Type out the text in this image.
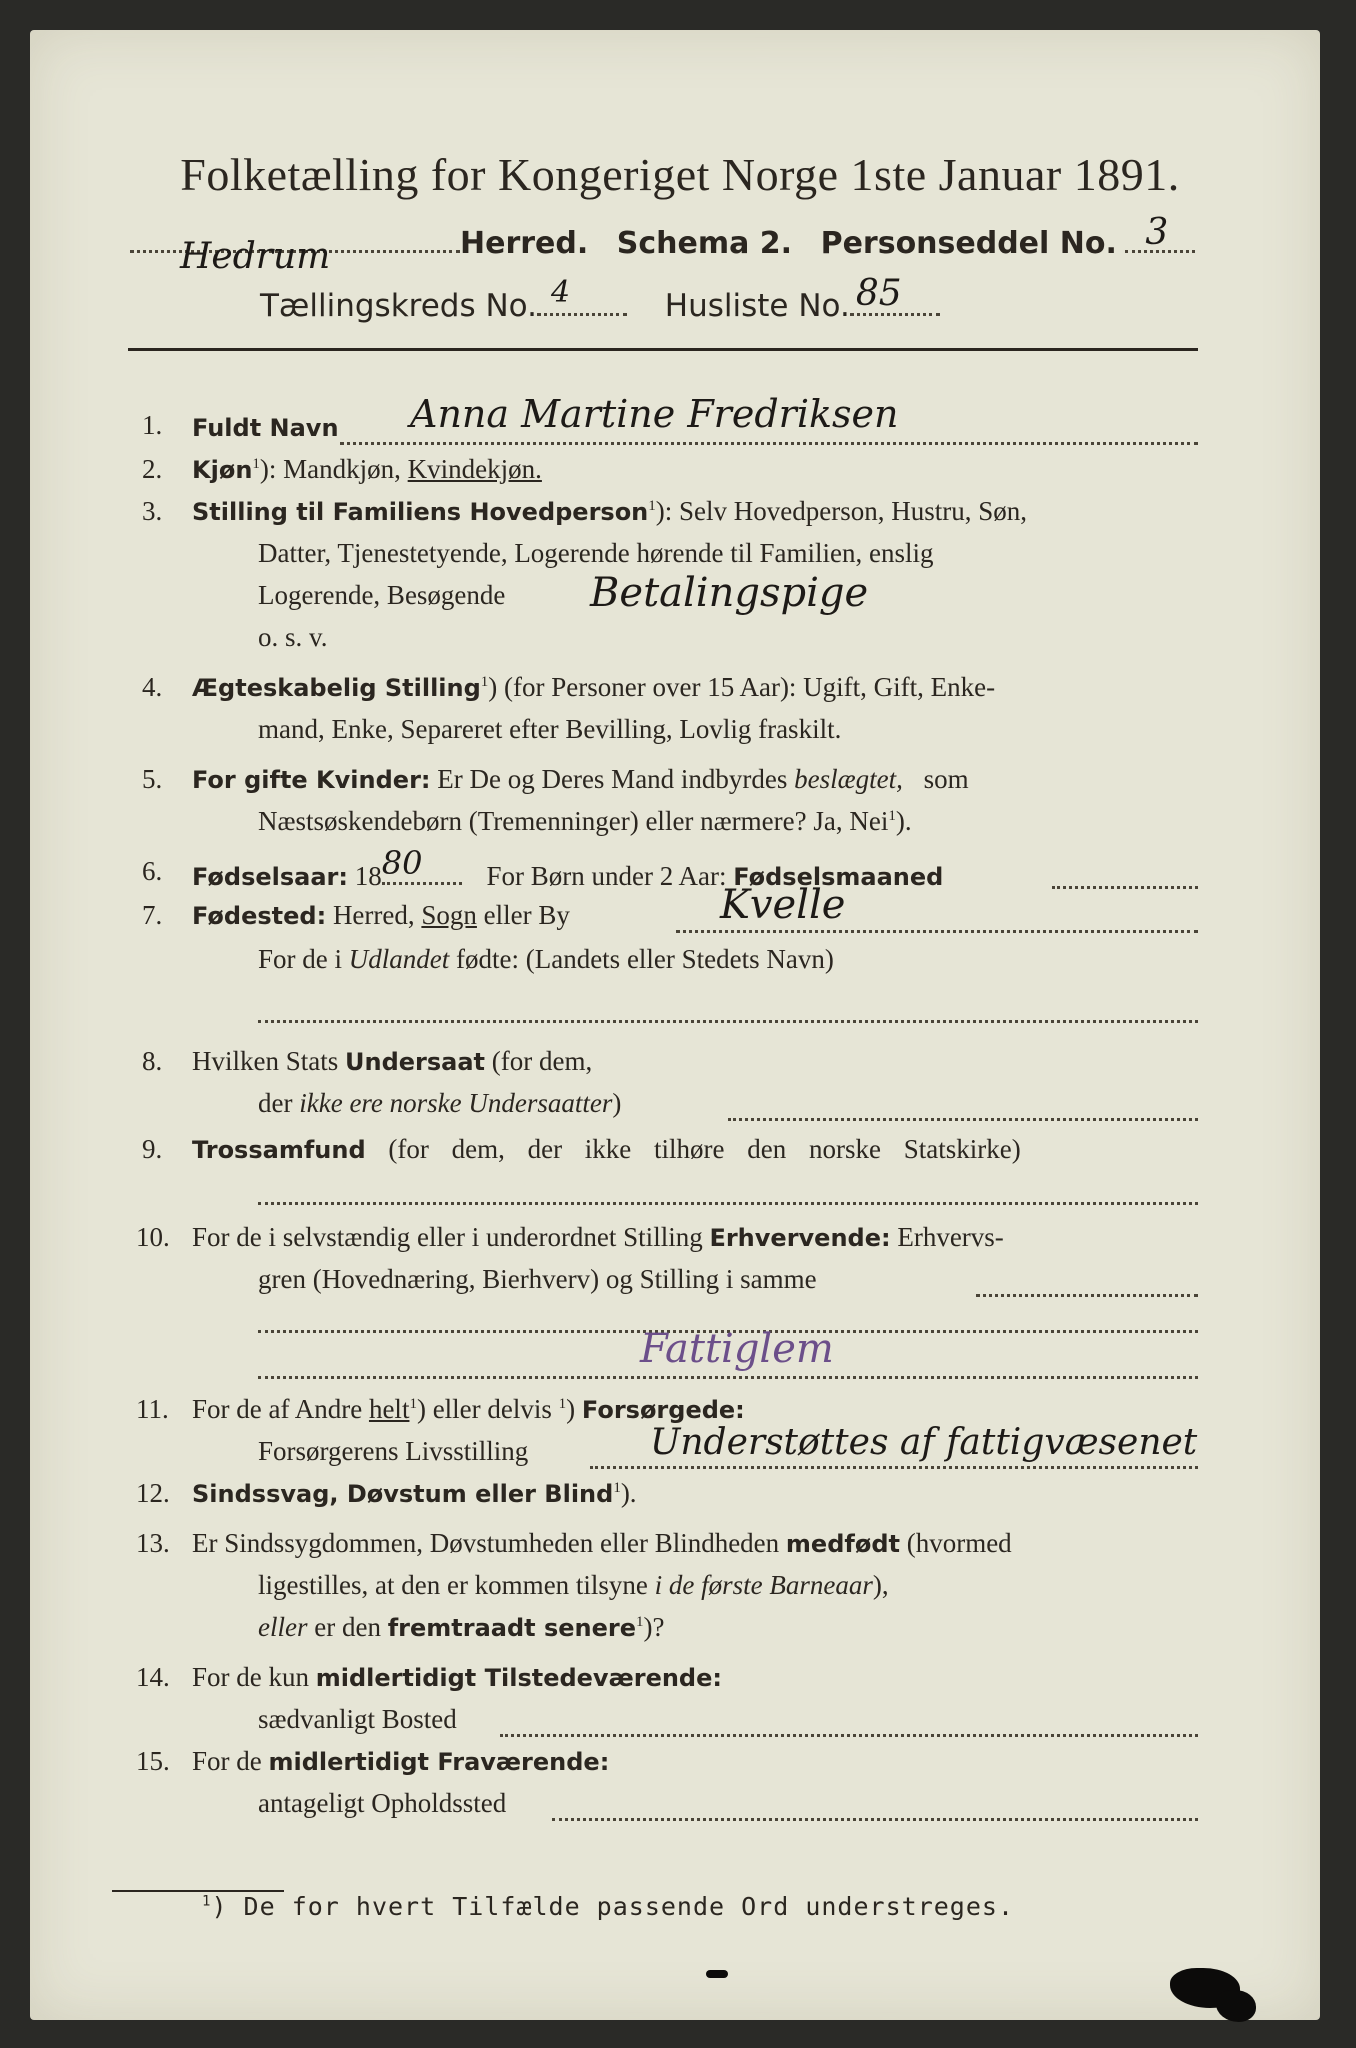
Folketælling for Kongeriget Norge 1ste Januar 1891.
Hedrum	Herred. Schema 2. Personseddel No. 3
Tællingskreds No. 4	Husliste No. 85
1. Fuldt Navn Anna Martine Fredriksen
2. Kjøn$^1$): Mandkjøn, Kvindekjøn.
3. Stilling til Familiens Hovedperson$^1$): Selv Hovedperson, Hustru, Søn,
Datter, Tjenestetyende, Logerende hørende til Familien, enslig
Logerende, Besøgende Betalingspige
o. s. v.
4. Ægteskabelig Stilling$^1$) (for Personer over 15 Aar): Ugift, Gift, Enke-
mand, Enke, Separeret efter Bevilling, Lovlig fraskilt.
5. For gifte Kvinder: Er De og Deres Mand indbyrdes beslægtet, som
Næstsøskendebørn (Tremenninger) eller nærmere? Ja, Nei$^1$).
6. Fødselsaar: 18 80 For Børn under 2 Aar: Fødselsmaaned
7. Fødested: Herred, Sogn eller By	Kvelle
For de i Udlandet fødte: (Landets eller Stedets Navn)
8. Hvilken Stats Undersaat (for dem,
der ikke ere norske Undersaatter)
9. Trossamfund (for dem, der ikke tilhøre den norske Statskirke)
10. For de i selvstændig eller i underordnet Stilling Erhvervende: Erhvervs-
gren (Hovednæring, Bierhverv) og Stilling i samme
Fattiglem
11. For de af Andre helt$^1$) eller delvis $^1$) Forsørgede:
Forsørgerens Livsstilling	Understøttes af fattigvæsenet
12. Sindssvag, Døvstum eller Blind$^1$).
13. Er Sindssygdommen, Døvstumheden eller Blindheden medfødt (hvormed
ligestilles, at den er kommen tilsyne i de første Barneaar),
eller er den fremtraadt senere$^1$)?
14. For de kun midlertidigt Tilstedeværende:
sædvanligt Bosted
15. For de midlertidigt Fraværende:
antageligt Opholdssted
$^1$) De for hvert Tilfælde passende Ord understreges.
